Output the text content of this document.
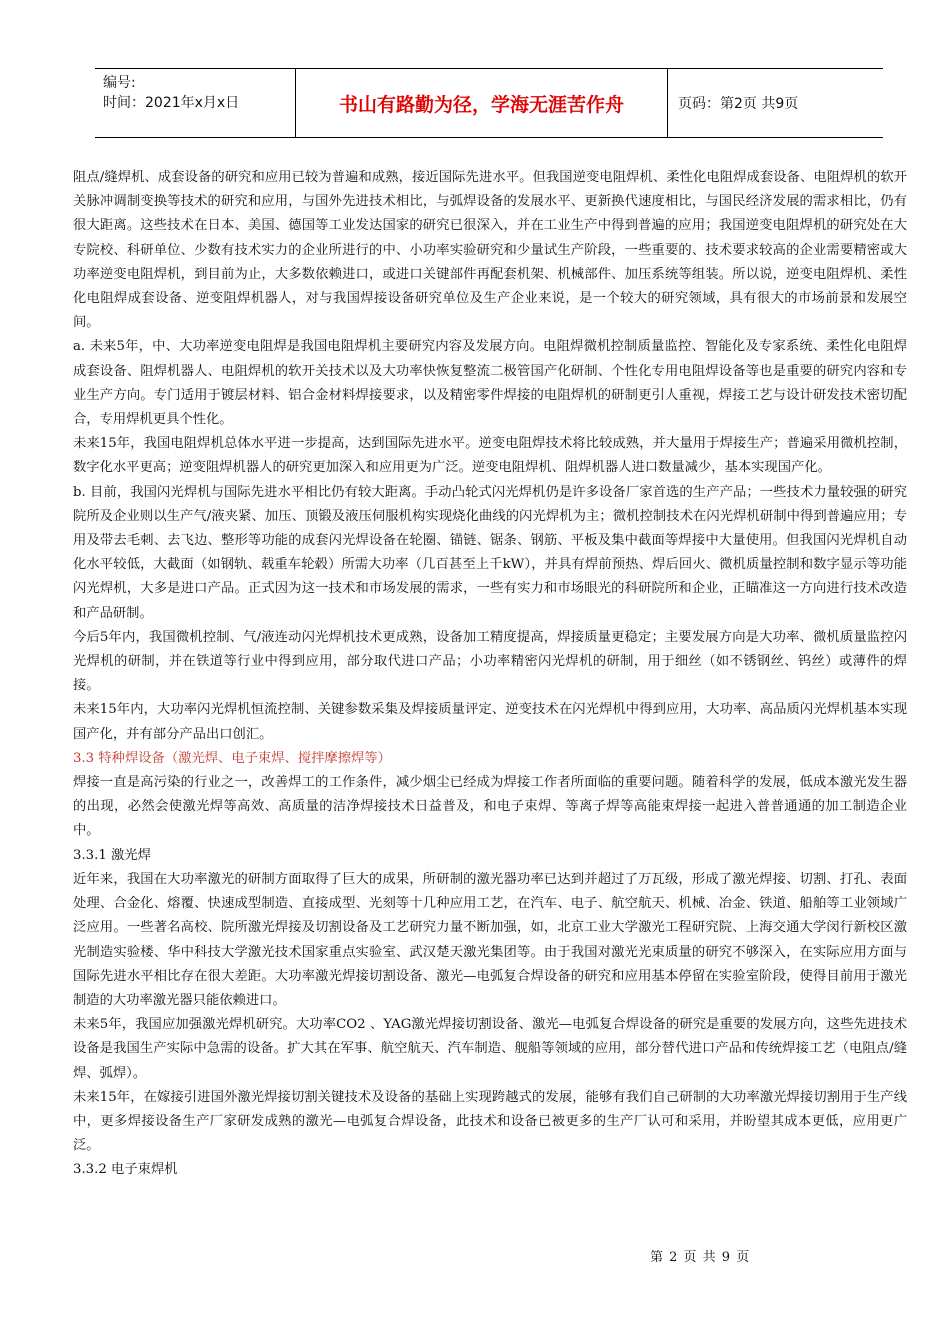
编号:
时间：2021年x月x日	书山有路勤为径，学海无涯苦作舟	页码：第2页 共9页

阻点/缝焊机、成套设备的研究和应用已较为普遍和成熟，接近国际先进水平。但我国逆变电阻焊机、柔性化电阻焊成套设备、电阻焊机的软开关脉冲调制变换等技术的研究和应用，与国外先进技术相比，与弧焊设备的发展水平、更新换代速度相比，与国民经济发展的需求相比，仍有很大距离。这些技术在日本、美国、德国等工业发达国家的研究已很深入，并在工业生产中得到普遍的应用；我国逆变电阻焊机的研究处在大专院校、科研单位、少数有技术实力的企业所进行的中、小功率实验研究和少量试生产阶段，一些重要的、技术要求较高的企业需要精密或大功率逆变电阻焊机，到目前为止，大多数依赖进口，或进口关键部件再配套机架、机械部件、加压系统等组装。所以说，逆变电阻焊机、柔性化电阻焊成套设备、逆变阻焊机器人，对与我国焊接设备研究单位及生产企业来说，是一个较大的研究领域，具有很大的市场前景和发展空间。

a. 未来5年，中、大功率逆变电阻焊是我国电阻焊机主要研究内容及发展方向。电阻焊微机控制质量监控、智能化及专家系统、柔性化电阻焊成套设备、阻焊机器人、电阻焊机的软开关技术以及大功率快恢复整流二极管国产化研制、个性化专用电阻焊设备等也是重要的研究内容和专业生产方向。专门适用于镀层材料、铝合金材料焊接要求，以及精密零件焊接的电阻焊机的研制更引人重视，焊接工艺与设计研发技术密切配合，专用焊机更具个性化。

未来15年，我国电阻焊机总体水平进一步提高，达到国际先进水平。逆变电阻焊技术将比较成熟，并大量用于焊接生产；普遍采用微机控制，数字化水平更高；逆变阻焊机器人的研究更加深入和应用更为广泛。逆变电阻焊机、阻焊机器人进口数量减少，基本实现国产化。

b. 目前，我国闪光焊机与国际先进水平相比仍有较大距离。手动凸轮式闪光焊机仍是许多设备厂家首选的生产产品；一些技术力量较强的研究院所及企业则以生产气/液夹紧、加压、顶锻及液压伺服机构实现烧化曲线的闪光焊机为主；微机控制技术在闪光焊机研制中得到普遍应用；专用及带去毛刺、去飞边、整形等功能的成套闪光焊设备在轮圈、锚链、锯条、钢筋、平板及集中截面等焊接中大量使用。但我国闪光焊机自动化水平较低，大截面（如钢轨、载重车轮毂）所需大功率（几百甚至上千kW），并具有焊前预热、焊后回火、微机质量控制和数字显示等功能闪光焊机，大多是进口产品。正式因为这一技术和市场发展的需求，一些有实力和市场眼光的科研院所和企业，正瞄准这一方向进行技术改造和产品研制。

今后5年内，我国微机控制、气/液连动闪光焊机技术更成熟，设备加工精度提高，焊接质量更稳定；主要发展方向是大功率、微机质量监控闪光焊机的研制，并在铁道等行业中得到应用，部分取代进口产品；小功率精密闪光焊机的研制，用于细丝（如不锈钢丝、钨丝）或薄件的焊接。

未来15年内，大功率闪光焊机恒流控制、关键参数采集及焊接质量评定、逆变技术在闪光焊机中得到应用，大功率、高品质闪光焊机基本实现国产化，并有部分产品出口创汇。

3.3 特种焊设备（激光焊、电子束焊、搅拌摩擦焊等）

焊接一直是高污染的行业之一，改善焊工的工作条件，减少烟尘已经成为焊接工作者所面临的重要问题。随着科学的发展，低成本激光发生器的出现，必然会使激光焊等高效、高质量的洁净焊接技术日益普及，和电子束焊、等离子焊等高能束焊接一起进入普普通通的加工制造企业中。

3.3.1 激光焊

近年来，我国在大功率激光的研制方面取得了巨大的成果，所研制的激光器功率已达到并超过了万瓦级，形成了激光焊接、切割、打孔、表面处理、合金化、熔覆、快速成型制造、直接成型、光刻等十几种应用工艺，在汽车、电子、航空航天、机械、冶金、铁道、船舶等工业领域广泛应用。一些著名高校、院所激光焊接及切割设备及工艺研究力量不断加强，如，北京工业大学激光工程研究院、上海交通大学闵行新校区激光制造实验楼、华中科技大学激光技术国家重点实验室、武汉楚天激光集团等。由于我国对激光光束质量的研究不够深入，在实际应用方面与国际先进水平相比存在很大差距。大功率激光焊接切割设备、激光—电弧复合焊设备的研究和应用基本停留在实验室阶段，使得目前用于激光制造的大功率激光器只能依赖进口。

未来5年，我国应加强激光焊机研究。大功率CO2 、YAG激光焊接切割设备、激光—电弧复合焊设备的研究是重要的发展方向，这些先进技术设备是我国生产实际中急需的设备。扩大其在军事、航空航天、汽车制造、舰船等领域的应用，部分替代进口产品和传统焊接工艺（电阻点/缝焊、弧焊）。

未来15年，在嫁接引进国外激光焊接切割关键技术及设备的基础上实现跨越式的发展，能够有我们自己研制的大功率激光焊接切割用于生产线中，更多焊接设备生产厂家研发成熟的激光—电弧复合焊设备，此技术和设备已被更多的生产厂认可和采用，并盼望其成本更低，应用更广泛。

3.3.2 电子束焊机

第 2 页 共 9 页
